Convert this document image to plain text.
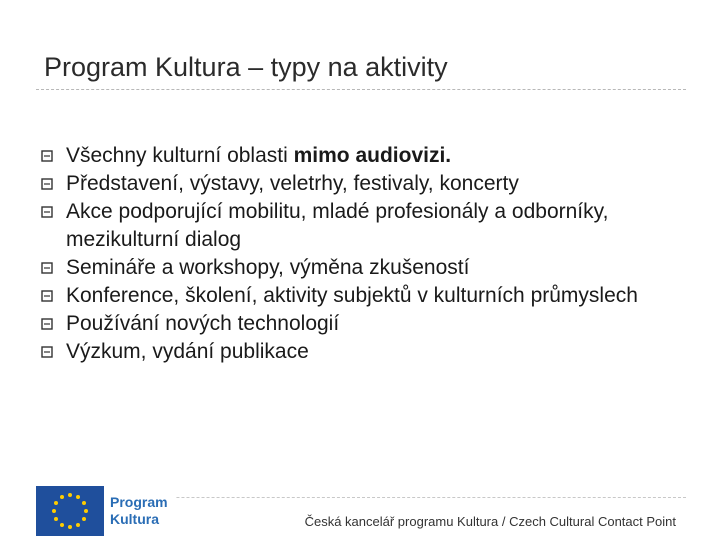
Program Kultura – typy na aktivity
Všechny kulturní oblasti mimo audiovizi.
Představení, výstavy, veletrhy, festivaly, koncerty
Akce podporující mobilitu, mladé profesionály a odborníky, mezikulturní dialog
Semináře a workshopy, výměna zkušeností
Konference, školení, aktivity subjektů v kulturních průmyslech
Používání nových technologií
Výzkum, vydání publikace
Program
Kultura	Česká kancelář programu Kultura / Czech Cultural Contact Point
